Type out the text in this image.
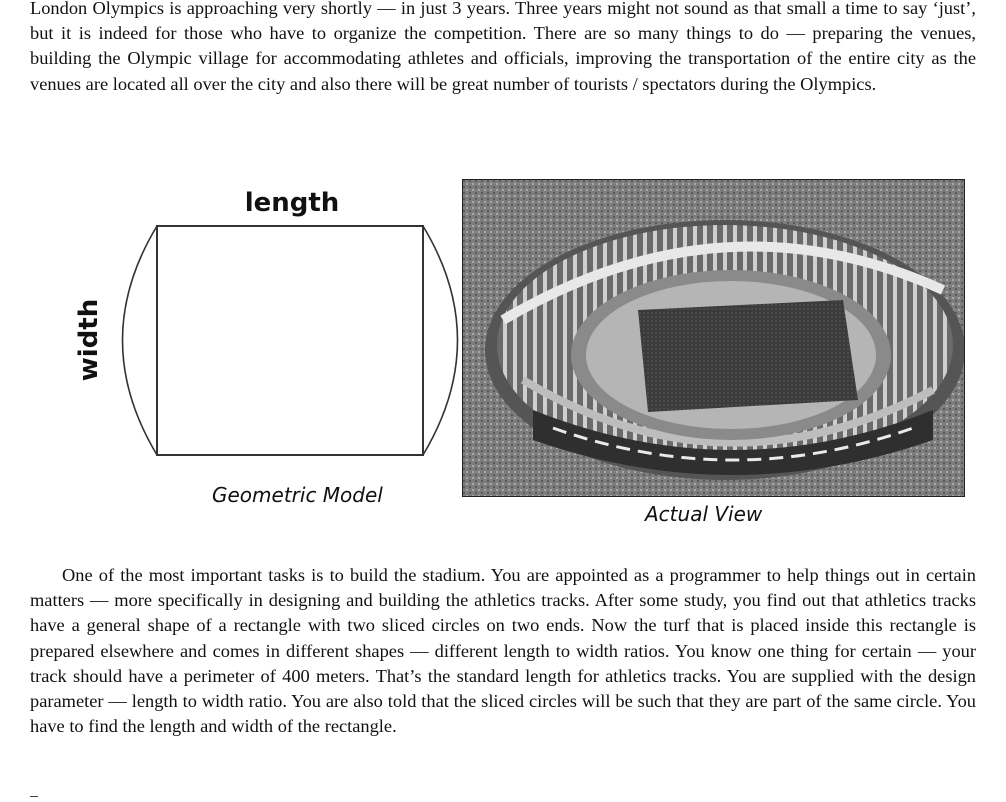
London Olympics is approaching very shortly — in just 3 years. Three years might not sound as that small a time to say ‘just’, but it is indeed for those who have to organize the competition. There are so many things to do — preparing the venues, building the Olympic village for accommodating athletes and officials, improving the transportation of the entire city as the venues are located all over the city and also there will be great number of tourists / spectators during the Olympics.

length
width
Geometric Model
Actual View

One of the most important tasks is to build the stadium. You are appointed as a programmer to help things out in certain matters — more specifically in designing and building the athletics tracks. After some study, you find out that athletics tracks have a general shape of a rectangle with two sliced circles on two ends. Now the turf that is placed inside this rectangle is prepared elsewhere and comes in different shapes — different length to width ratios. You know one thing for certain — your track should have a perimeter of 400 meters. That’s the standard length for athletics tracks. You are supplied with the design parameter — length to width ratio. You are also told that the sliced circles will be such that they are part of the same circle. You have to find the length and width of the rectangle.
